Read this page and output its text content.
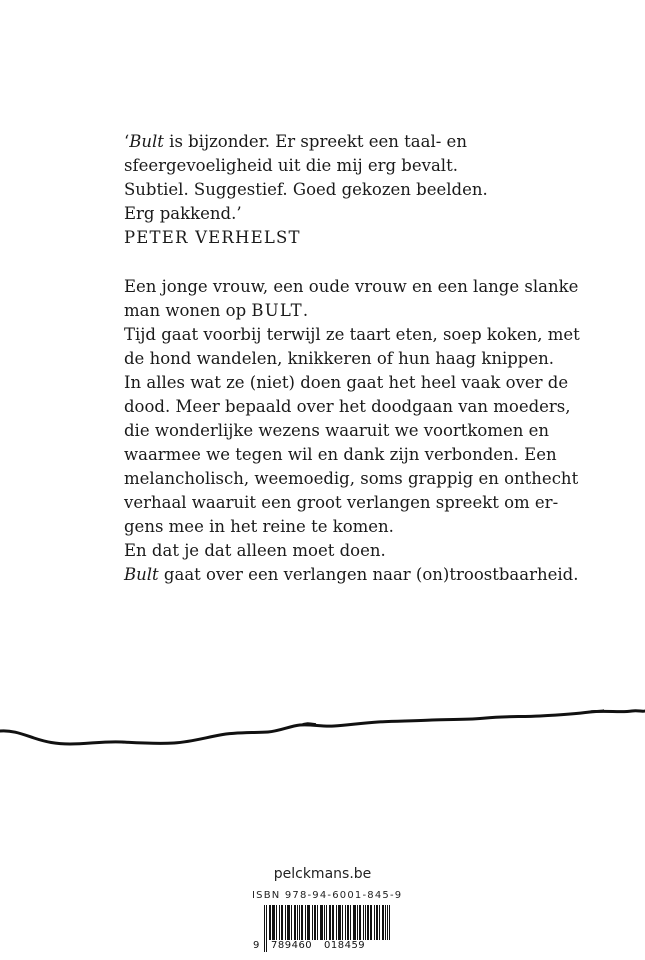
‘Bult is bijzonder. Er spreekt een taal- en
sfeergevoeligheid uit die mij erg bevalt.
Subtiel. Suggestief. Goed gekozen beelden.
Erg pakkend.’
PETER VERHELST
Een jonge vrouw, een oude vrouw en een lange slanke
man wonen op BULT.
Tijd gaat voorbij terwijl ze taart eten, soep koken, met
de hond wandelen, knikkeren of hun haag knippen.
In alles wat ze (niet) doen gaat het heel vaak over de
dood. Meer bepaald over het doodgaan van moeders,
die wonderlijke wezens waaruit we voortkomen en
waarmee we tegen wil en dank zijn verbonden. Een
melancholisch, weemoedig, soms grappig en onthecht
verhaal waaruit een groot verlangen spreekt om er-
gens mee in het reine te komen.
En dat je dat alleen moet doen.
Bult gaat over een verlangen naar (on)troostbaarheid.
pelckmans.be
ISBN 978-94-6001-845-9
9 789460 018459
